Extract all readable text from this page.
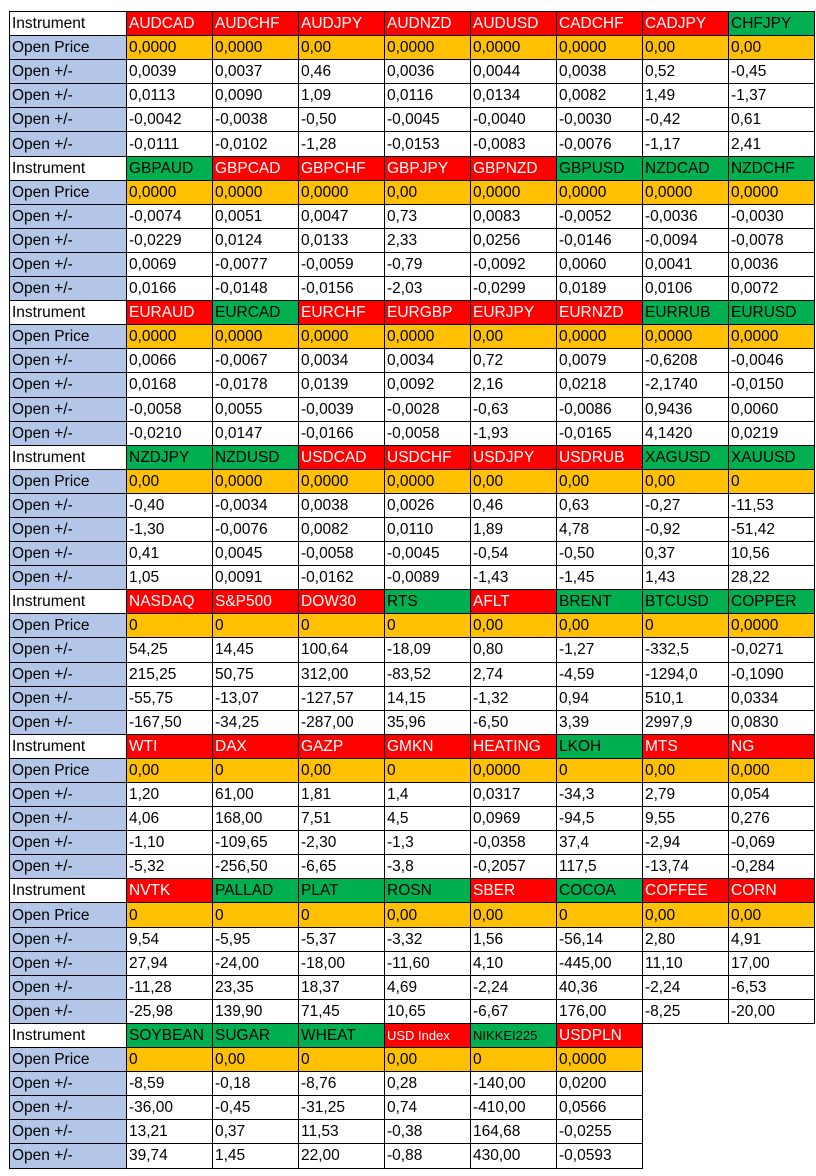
Instrument	AUDCAD	AUDCHF	AUDJPY	AUDNZD	AUDUSD	CADCHF	CADJPY	CHFJPY
Open Price	0,0000	0,0000	0,00	0,0000	0,0000	0,0000	0,00	0,00
Open +/-	0,0039	0,0037	0,46	0,0036	0,0044	0,0038	0,52	-0,45
Open +/-	0,0113	0,0090	1,09	0,0116	0,0134	0,0082	1,49	-1,37
Open +/-	-0,0042	-0,0038	-0,50	-0,0045	-0,0040	-0,0030	-0,42	0,61
Open +/-	-0,0111	-0,0102	-1,28	-0,0153	-0,0083	-0,0076	-1,17	2,41
Instrument	GBPAUD	GBPCAD	GBPCHF	GBPJPY	GBPNZD	GBPUSD	NZDCAD	NZDCHF
Open Price	0,0000	0,0000	0,0000	0,00	0,0000	0,0000	0,0000	0,0000
Open +/-	-0,0074	0,0051	0,0047	0,73	0,0083	-0,0052	-0,0036	-0,0030
Open +/-	-0,0229	0,0124	0,0133	2,33	0,0256	-0,0146	-0,0094	-0,0078
Open +/-	0,0069	-0,0077	-0,0059	-0,79	-0,0092	0,0060	0,0041	0,0036
Open +/-	0,0166	-0,0148	-0,0156	-2,03	-0,0299	0,0189	0,0106	0,0072
Instrument	EURAUD	EURCAD	EURCHF	EURGBP	EURJPY	EURNZD	EURRUB	EURUSD
Open Price	0,0000	0,0000	0,0000	0,0000	0,00	0,0000	0,0000	0,0000
Open +/-	0,0066	-0,0067	0,0034	0,0034	0,72	0,0079	-0,6208	-0,0046
Open +/-	0,0168	-0,0178	0,0139	0,0092	2,16	0,0218	-2,1740	-0,0150
Open +/-	-0,0058	0,0055	-0,0039	-0,0028	-0,63	-0,0086	0,9436	0,0060
Open +/-	-0,0210	0,0147	-0,0166	-0,0058	-1,93	-0,0165	4,1420	0,0219
Instrument	NZDJPY	NZDUSD	USDCAD	USDCHF	USDJPY	USDRUB	XAGUSD	XAUUSD
Open Price	0,00	0,0000	0,0000	0,0000	0,00	0,00	0,00	0
Open +/-	-0,40	-0,0034	0,0038	0,0026	0,46	0,63	-0,27	-11,53
Open +/-	-1,30	-0,0076	0,0082	0,0110	1,89	4,78	-0,92	-51,42
Open +/-	0,41	0,0045	-0,0058	-0,0045	-0,54	-0,50	0,37	10,56
Open +/-	1,05	0,0091	-0,0162	-0,0089	-1,43	-1,45	1,43	28,22
Instrument	NASDAQ	S&P500	DOW30	RTS	AFLT	BRENT	BTCUSD	COPPER
Open Price	0	0	0	0	0,00	0,00	0	0,0000
Open +/-	54,25	14,45	100,64	-18,09	0,80	-1,27	-332,5	-0,0271
Open +/-	215,25	50,75	312,00	-83,52	2,74	-4,59	-1294,0	-0,1090
Open +/-	-55,75	-13,07	-127,57	14,15	-1,32	0,94	510,1	0,0334
Open +/-	-167,50	-34,25	-287,00	35,96	-6,50	3,39	2997,9	0,0830
Instrument	WTI	DAX	GAZP	GMKN	HEATING	LKOH	MTS	NG
Open Price	0,00	0	0,00	0	0,0000	0	0,00	0,000
Open +/-	1,20	61,00	1,81	1,4	0,0317	-34,3	2,79	0,054
Open +/-	4,06	168,00	7,51	4,5	0,0969	-94,5	9,55	0,276
Open +/-	-1,10	-109,65	-2,30	-1,3	-0,0358	37,4	-2,94	-0,069
Open +/-	-5,32	-256,50	-6,65	-3,8	-0,2057	117,5	-13,74	-0,284
Instrument	NVTK	PALLAD	PLAT	ROSN	SBER	COCOA	COFFEE	CORN
Open Price	0	0	0	0,00	0,00	0	0,00	0,00
Open +/-	9,54	-5,95	-5,37	-3,32	1,56	-56,14	2,80	4,91
Open +/-	27,94	-24,00	-18,00	-11,60	4,10	-445,00	11,10	17,00
Open +/-	-11,28	23,35	18,37	4,69	-2,24	40,36	-2,24	-6,53
Open +/-	-25,98	139,90	71,45	10,65	-6,67	176,00	-8,25	-20,00
Instrument	SOYBEAN	SUGAR	WHEAT	USD Index	NIKKEI225	USDPLN		
Open Price	0	0,00	0	0,00	0	0,0000		
Open +/-	-8,59	-0,18	-8,76	0,28	-140,00	0,0200		
Open +/-	-36,00	-0,45	-31,25	0,74	-410,00	0,0566		
Open +/-	13,21	0,37	11,53	-0,38	164,68	-0,0255		
Open +/-	39,74	1,45	22,00	-0,88	430,00	-0,0593		
